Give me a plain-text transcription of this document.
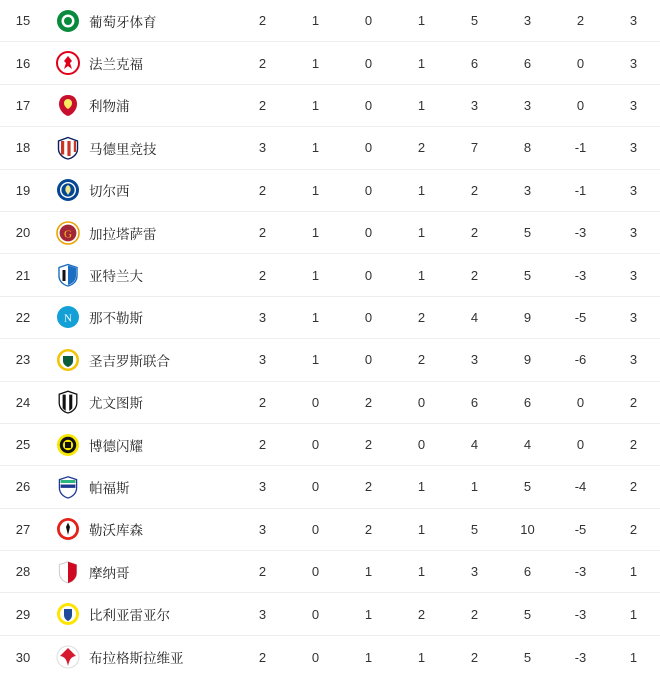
15	葡萄牙体育	2	1	0	1	5	3	2	3
16	法兰克福	2	1	0	1	6	6	0	3
17	利物浦	2	1	0	1	3	3	0	3
18	马德里竞技	3	1	0	2	7	8	-1	3
19	切尔西	2	1	0	1	2	3	-1	3
20	G 加拉塔萨雷	2	1	0	1	2	5	-3	3
21	亚特兰大	2	1	0	1	2	5	-3	3
22	N 那不勒斯	3	1	0	2	4	9	-5	3
23	圣吉罗斯联合	3	1	0	2	3	9	-6	3
24	尤文图斯	2	0	2	0	6	6	0	2
25	博德闪耀	2	0	2	0	4	4	0	2
26	帕福斯	3	0	2	1	1	5	-4	2
27	勒沃库森	3	0	2	1	5	10	-5	2
28	摩纳哥	2	0	1	1	3	6	-3	1
29	比利亚雷亚尔	3	0	1	2	2	5	-3	1
30	布拉格斯拉维亚	2	0	1	1	2	5	-3	1
